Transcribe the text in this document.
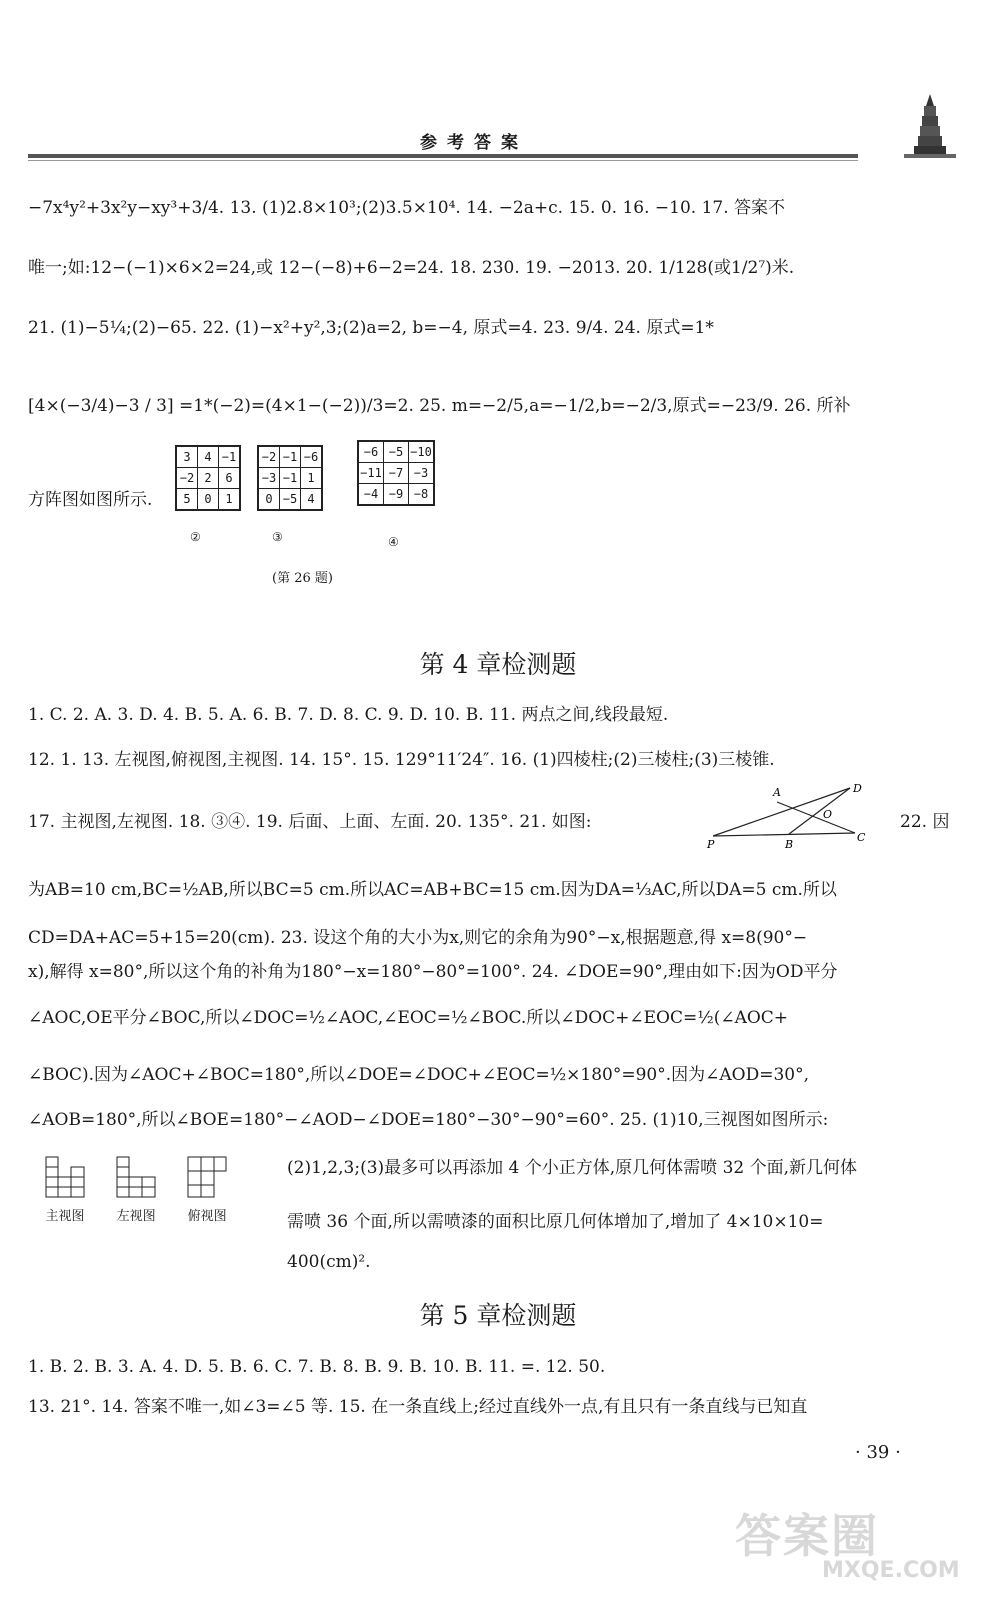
参考答案
−7x⁴y²+3x²y−xy³+3/4. 13. (1)2.8×10³;(2)3.5×10⁴. 14. −2a+c. 15. 0. 16. −10. 17. 答案不
唯一;如:12−(−1)×6×2=24,或 12−(−8)+6−2=24. 18. 230. 19. −2013. 20. 1/128(或1/2⁷)米.
21. (1)−5¼;(2)−65. 22. (1)−x²+y²,3;(2)a=2, b=−4, 原式=4. 23. 9/4. 24. 原式=1*
[4×(−3/4)−3 / 3] =1*(−2)=(4×1−(−2))/3=2. 25. m=−2/5,a=−1/2,b=−2/3,原式=−23/9. 26. 所补
方阵图如图所示.
3	4	−1
−2	2	6
5	0	1
②
−2	−1	−6
−3	−1	1
0	−5	4
③
−6	−5	−10
−11	−7	−3
−4	−9	−8
④
(第 26 题)
第 4 章检测题
1. C. 2. A. 3. D. 4. B. 5. A. 6. B. 7. D. 8. C. 9. D. 10. B. 11. 两点之间,线段最短.
12. 1. 13. 左视图,俯视图,主视图. 14. 15°. 15. 129°11′24″. 16. (1)四棱柱;(2)三棱柱;(3)三棱锥.
17. 主视图,左视图. 18. ③④. 19. 后面、上面、左面. 20. 135°. 21. 如图:
A	D
O
P	B
C
22. 因
为AB=10 cm,BC=½AB,所以BC=5 cm.所以AC=AB+BC=15 cm.因为DA=⅓AC,所以DA=5 cm.所以
CD=DA+AC=5+15=20(cm). 23. 设这个角的大小为x,则它的余角为90°−x,根据题意,得 x=8(90°−
x),解得 x=80°,所以这个角的补角为180°−x=180°−80°=100°. 24. ∠DOE=90°,理由如下:因为OD平分
∠AOC,OE平分∠BOC,所以∠DOC=½∠AOC,∠EOC=½∠BOC.所以∠DOC+∠EOC=½(∠AOC+
∠BOC).因为∠AOC+∠BOC=180°,所以∠DOE=∠DOC+∠EOC=½×180°=90°.因为∠AOD=30°,
∠AOB=180°,所以∠BOE=180°−∠AOD−∠DOE=180°−30°−90°=60°. 25. (1)10,三视图如图所示:
主视图 左视图 俯视图
(2)1,2,3;(3)最多可以再添加 4 个小正方体,原几何体需喷 32 个面,新几何体
需喷 36 个面,所以需喷漆的面积比原几何体增加了,增加了 4×10×10=
400(cm)².
第 5 章检测题
1. B. 2. B. 3. A. 4. D. 5. B. 6. C. 7. B. 8. B. 9. B. 10. B. 11. =. 12. 50.
13. 21°. 14. 答案不唯一,如∠3=∠5 等. 15. 在一条直线上;经过直线外一点,有且只有一条直线与已知直
· 39 ·
答案圈
MXQE.COM
